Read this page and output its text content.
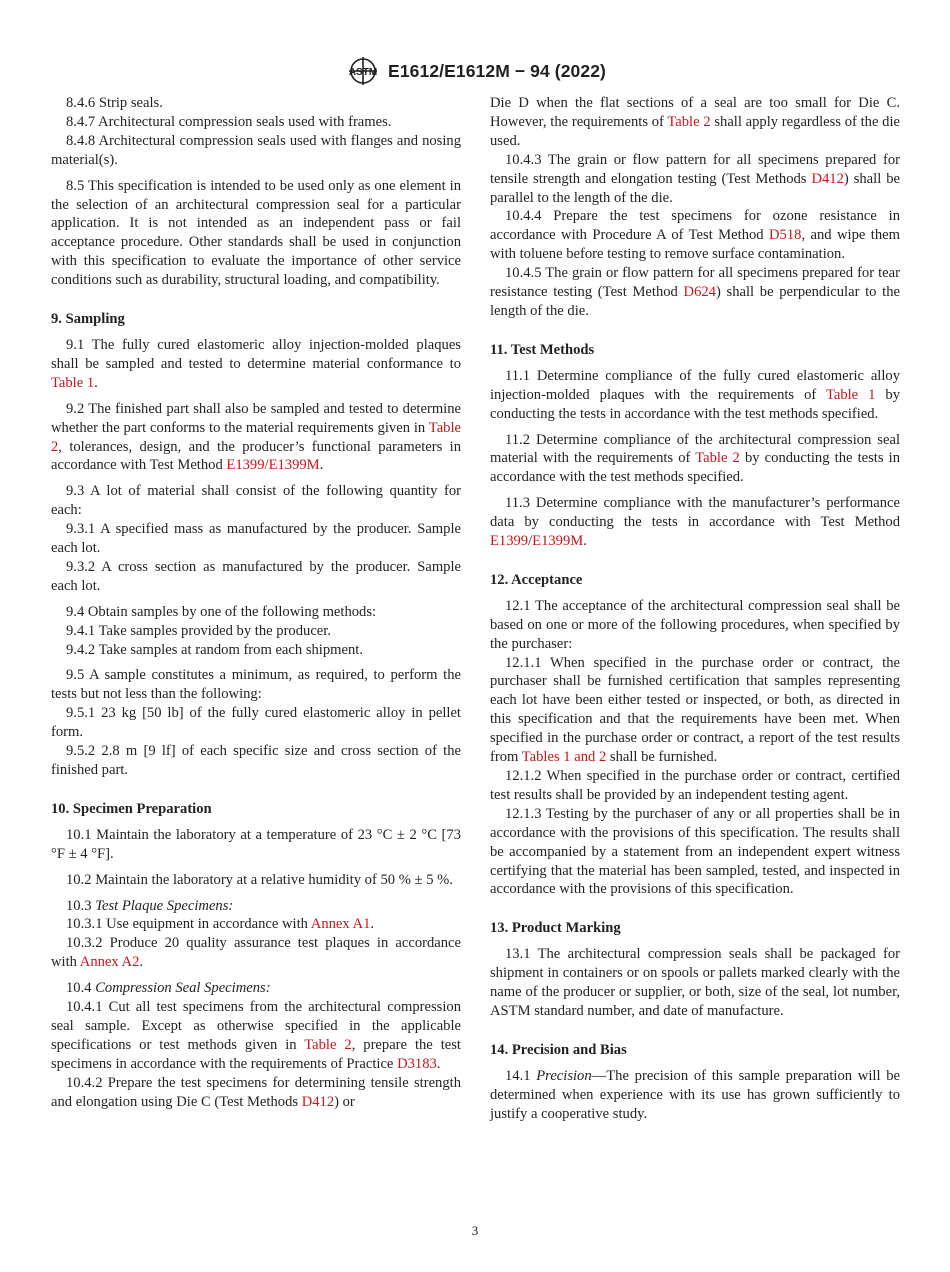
ASTM E1612/E1612M − 94 (2022)

8.4.6 Strip seals.

8.4.7 Architectural compression seals used with frames.

8.4.8 Architectural compression seals used with flanges and nosing material(s).

8.5 This specification is intended to be used only as one element in the selection of an architectural compression seal for a particular application. It is not intended as an independent pass or fail acceptance procedure. Other standards shall be used in conjunction with this specification to evaluate the importance of other service conditions such as durability, structural loading, and compatibility.

9. Sampling

9.1 The fully cured elastomeric alloy injection-molded plaques shall be sampled and tested to determine material conformance to Table 1.

9.2 The finished part shall also be sampled and tested to determine whether the part conforms to the material requirements given in Table 2, tolerances, design, and the producer’s functional parameters in accordance with Test Method E1399/E1399M.

9.3 A lot of material shall consist of the following quantity for each:

9.3.1 A specified mass as manufactured by the producer. Sample each lot.

9.3.2 A cross section as manufactured by the producer. Sample each lot.

9.4 Obtain samples by one of the following methods:

9.4.1 Take samples provided by the producer.

9.4.2 Take samples at random from each shipment.

9.5 A sample constitutes a minimum, as required, to perform the tests but not less than the following:

9.5.1 23 kg [50 lb] of the fully cured elastomeric alloy in pellet form.

9.5.2 2.8 m [9 lf] of each specific size and cross section of the finished part.

10. Specimen Preparation

10.1 Maintain the laboratory at a temperature of 23 °C ± 2 °C [73 °F ± 4 °F].

10.2 Maintain the laboratory at a relative humidity of 50 % ± 5 %.

10.3 Test Plaque Specimens:

10.3.1 Use equipment in accordance with Annex A1.

10.3.2 Produce 20 quality assurance test plaques in accordance with Annex A2.

10.4 Compression Seal Specimens:

10.4.1 Cut all test specimens from the architectural compression seal sample. Except as otherwise specified in the applicable specifications or test methods given in Table 2, prepare the test specimens in accordance with the requirements of Practice D3183.

10.4.2 Prepare the test specimens for determining tensile strength and elongation using Die C (Test Methods D412) or

Die D when the flat sections of a seal are too small for Die C. However, the requirements of Table 2 shall apply regardless of the die used.

10.4.3 The grain or flow pattern for all specimens prepared for tensile strength and elongation testing (Test Methods D412) shall be parallel to the length of the die.

10.4.4 Prepare the test specimens for ozone resistance in accordance with Procedure A of Test Method D518, and wipe them with toluene before testing to remove surface contamination.

10.4.5 The grain or flow pattern for all specimens prepared for tear resistance testing (Test Method D624) shall be perpendicular to the length of the die.

11. Test Methods

11.1 Determine compliance of the fully cured elastomeric alloy injection-molded plaques with the requirements of Table 1 by conducting the tests in accordance with the test methods specified.

11.2 Determine compliance of the architectural compression seal material with the requirements of Table 2 by conducting the tests in accordance with the test methods specified.

11.3 Determine compliance with the manufacturer’s performance data by conducting the tests in accordance with Test Method E1399/E1399M.

12. Acceptance

12.1 The acceptance of the architectural compression seal shall be based on one or more of the following procedures, when specified by the purchaser:

12.1.1 When specified in the purchase order or contract, the purchaser shall be furnished certification that samples representing each lot have been either tested or inspected, or both, as directed in this specification and that the requirements have been met. When specified in the purchase order or contract, a report of the test results from Tables 1 and 2 shall be furnished.

12.1.2 When specified in the purchase order or contract, certified test results shall be provided by an independent testing agent.

12.1.3 Testing by the purchaser of any or all properties shall be in accordance with the provisions of this specification. The results shall be accompanied by a statement from an independent expert witness certifying that the material has been sampled, tested, and inspected in accordance with the provisions of this specification.

13. Product Marking

13.1 The architectural compression seals shall be packaged for shipment in containers or on spools or pallets marked clearly with the name of the producer or supplier, or both, size of the seal, lot number, ASTM standard number, and date of manufacture.

14. Precision and Bias

14.1 Precision—The precision of this sample preparation will be determined when experience with its use has grown sufficiently to justify a cooperative study.

3
